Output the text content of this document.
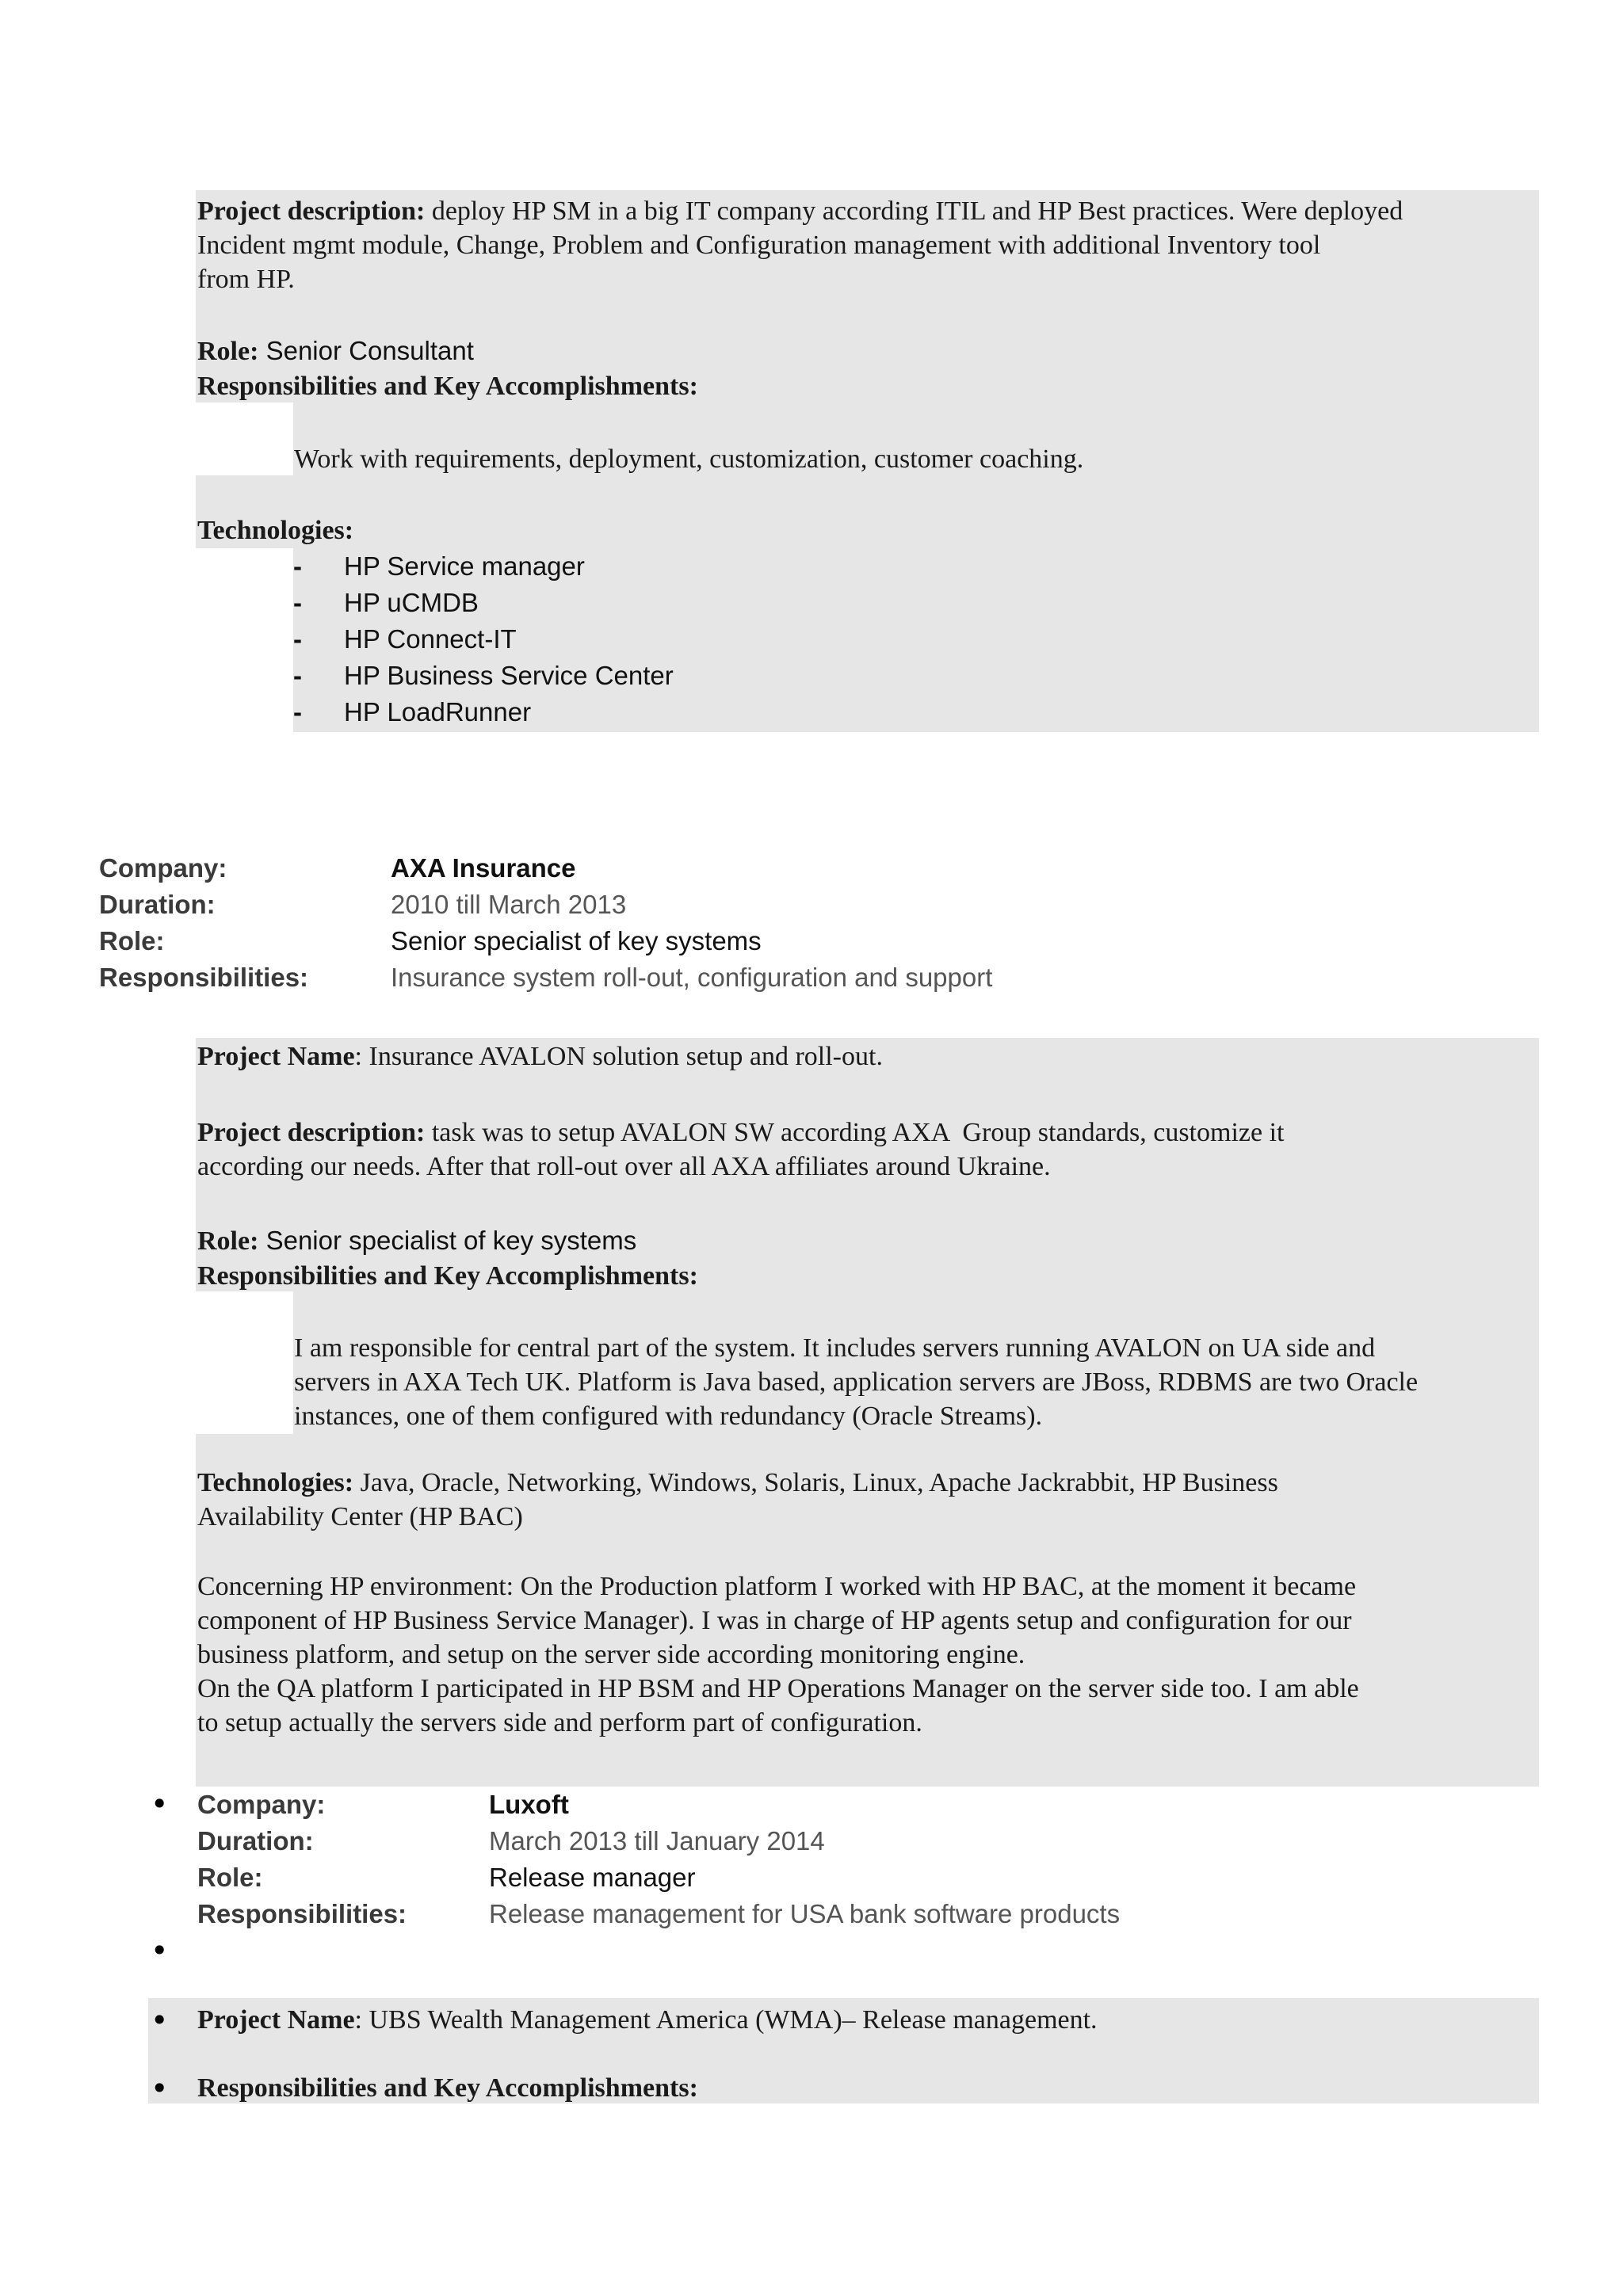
Project description: deploy HP SM in a big IT company according ITIL and HP Best practices. Were deployed
Incident mgmt module, Change, Problem and Configuration management with additional Inventory tool
from HP.
Role: Senior Consultant
Responsibilities and Key Accomplishments:
Work with requirements, deployment, customization, customer coaching.
Technologies:
- HP Service manager
- HP uCMDB
- HP Connect-IT
- HP Business Service Center
- HP LoadRunner
Company:	AXA Insurance
Duration:	2010 till March 2013
Role:	Senior specialist of key systems
Responsibilities:	Insurance system roll-out, configuration and support
Project Name: Insurance AVALON solution setup and roll-out.
Project description: task was to setup AVALON SW according AXA  Group standards, customize it
according our needs. After that roll-out over all AXA affiliates around Ukraine.
Role: Senior specialist of key systems
Responsibilities and Key Accomplishments:
I am responsible for central part of the system. It includes servers running AVALON on UA side and
servers in AXA Tech UK. Platform is Java based, application servers are JBoss, RDBMS are two Oracle
instances, one of them configured with redundancy (Oracle Streams).
Technologies: Java, Oracle, Networking, Windows, Solaris, Linux, Apache Jackrabbit, HP Business
Availability Center (HP BAC)
Concerning HP environment: On the Production platform I worked with HP BAC, at the moment it became
component of HP Business Service Manager). I was in charge of HP agents setup and configuration for our
business platform, and setup on the server side according monitoring engine.
On the QA platform I participated in HP BSM and HP Operations Manager on the server side too. I am able
to setup actually the servers side and perform part of configuration.
•
•
Company:	Luxoft
Duration:	March 2013 till January 2014
Role:	Release manager
Responsibilities:	Release management for USA bank software products
• Project Name: UBS Wealth Management America (WMA)– Release management.
• Responsibilities and Key Accomplishments:
